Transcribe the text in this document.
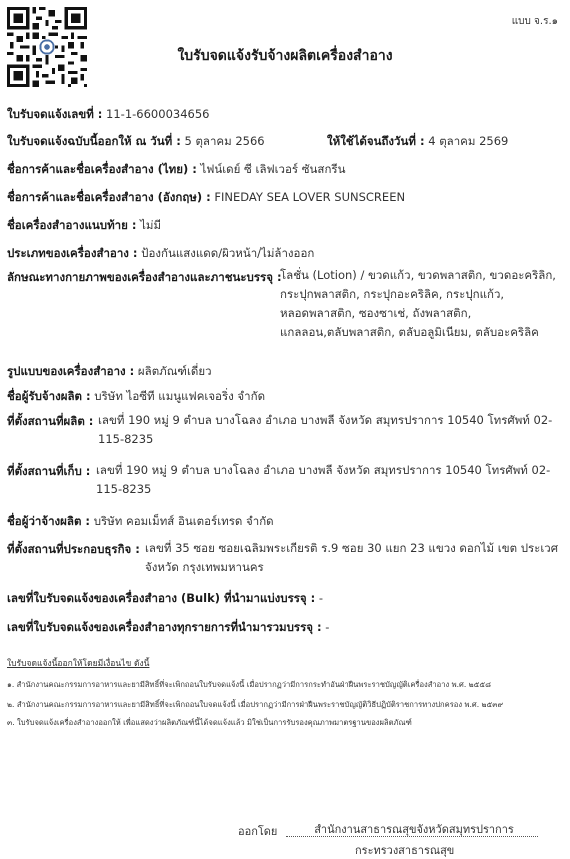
แบบ จ.ร.๑
ใบรับจดแจ้งรับจ้างผลิตเครื่องสำอาง
ใบรับจดแจ้งเลขที่ : 11-1-6600034656
ใบรับจดแจ้งฉบับนี้ออกให้ ณ วันที่ : 5 ตุลาคม 2566	ให้ใช้ได้จนถึงวันที่ : 4 ตุลาคม 2569
ชื่อการค้าและชื่อเครื่องสำอาง (ไทย) : ไฟน์เดย์ ซี เลิฟเวอร์ ซันสกรีน
ชื่อการค้าและชื่อเครื่องสำอาง (อังกฤษ) : FINEDAY SEA LOVER SUNSCREEN
ชื่อเครื่องสำอางแนบท้าย : ไม่มี
ประเภทของเครื่องสำอาง : ป้องกันแสงแดด/ผิวหน้า/ไม่ล้างออก
ลักษณะทางกายภาพของเครื่องสำอางและภาชนะบรรจุ :
โลชั่น (Lotion) / ขวดแก้ว, ขวดพลาสติก, ขวดอะคริลิก,
กระปุกพลาสติก, กระปุกอะคริลิค, กระปุกแก้ว,
หลอดพลาสติก, ซองซาเช่, ถังพลาสติก,
แกลลอน,ตลับพลาสติก, ตลับอลูมิเนียม, ตลับอะคริลิค
รูปแบบของเครื่องสำอาง : ผลิตภัณฑ์เดี่ยว
ชื่อผู้รับจ้างผลิต : บริษัท ไอซีที แมนูแฟคเจอริ่ง จำกัด
ที่ตั้งสถานที่ผลิต : เลขที่ 190 หมู่ 9 ตำบล บางโฉลง อำเภอ บางพลี จังหวัด สมุทรปราการ 10540 โทรศัพท์ 02-
115-8235
ที่ตั้งสถานที่เก็บ : เลขที่ 190 หมู่ 9 ตำบล บางโฉลง อำเภอ บางพลี จังหวัด สมุทรปราการ 10540 โทรศัพท์ 02-
115-8235
ชื่อผู้ว่าจ้างผลิต : บริษัท คอมเม็ทส์ อินเตอร์เทรด จำกัด
ที่ตั้งสถานที่ประกอบธุรกิจ : เลขที่ 35 ซอย ซอยเฉลิมพระเกียรติ ร.9 ซอย 30 แยก 23 แขวง ดอกไม้ เขต ประเวศ
จังหวัด กรุงเทพมหานคร
เลขที่ใบรับจดแจ้งของเครื่องสำอาง (Bulk) ที่นำมาแบ่งบรรจุ : -
เลขที่ใบรับจดแจ้งของเครื่องสำอางทุกรายการที่นำมารวมบรรจุ : -
ใบรับจดแจ้งนี้ออกให้โดยมีเงื่อนไข ดังนี้
๑. สำนักงานคณะกรรมการอาหารและยามีสิทธิ์ที่จะเพิกถอนใบรับจดแจ้งนี้ เมื่อปรากฏว่ามีการกระทำอันฝ่าฝืนพระราชบัญญัติเครื่องสำอาง พ.ศ. ๒๕๕๘
๒. สำนักงานคณะกรรมการอาหารและยามีสิทธิ์ที่จะเพิกถอนใบจดแจ้งนี้ เมื่อปรากฏว่ามีการฝ่าฝืนพระราชบัญญัติวิธีปฏิบัติราชการทางปกครอง พ.ศ. ๒๕๓๙
๓. ใบรับจดแจ้งเครื่องสำอางออกให้ เพื่อแสดงว่าผลิตภัณฑ์นี้ได้จดแจ้งแล้ว มิใช่เป็นการรับรองคุณภาพมาตรฐานของผลิตภัณฑ์
ออกโดย	สำนักงานสาธารณสุขจังหวัดสมุทรปราการ
กระทรวงสาธารณสุข
